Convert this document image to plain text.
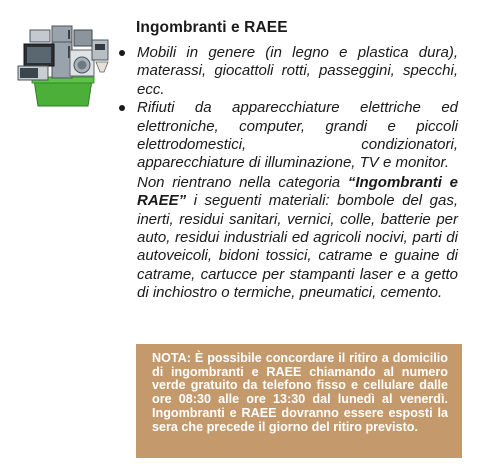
Ingombranti e RAEE
Mobili in genere (in legno e plastica dura), materassi, giocattoli rotti, passeggini, specchi, ecc.
Rifiuti da apparecchiature elettriche ed elettroniche, computer, grandi e piccoli elettrodomestici, condizionatori, apparecchiature di illuminazione, TV e monitor.

Non rientrano nella categoria “Ingombranti e RAEE” i seguenti materiali: bombole del gas, inerti, residui sanitari, vernici, colle, batterie per auto, residui industriali ed agricoli nocivi, parti di autoveicoli, bidoni tossici, catrame e guaine di catrame, cartucce per stampanti laser e a getto di inchiostro o termiche, pneumatici, cemento.

NOTA: È possibile concordare il ritiro a domicilio di ingombranti e RAEE chiamando al numero verde gratuito da telefono fisso e cellulare dalle ore 08:30 alle ore 13:30 dal lunedì al venerdì. Ingombranti e RAEE dovranno essere esposti la sera che precede il giorno del ritiro previsto.
